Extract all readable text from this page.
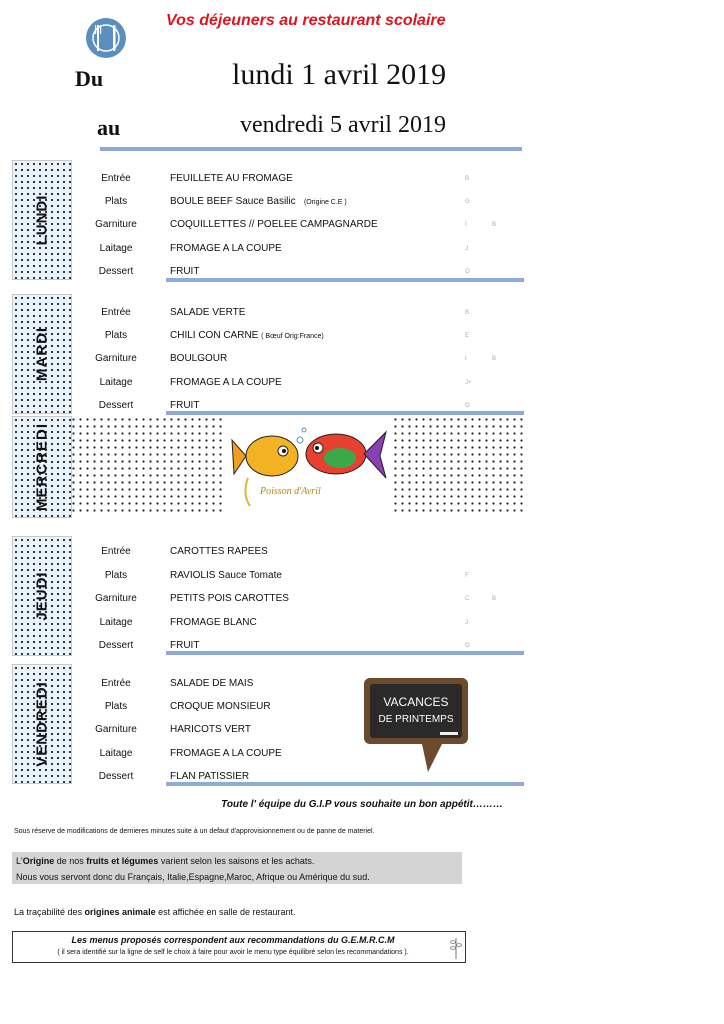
Vos déjeuners au restaurant scolaire
Du	lundi 1 avril 2019
au	vendredi 5 avril 2019
LUNDI
Entrée	FEUILLETE AU FROMAGE	B
Plats	BOULE BEEF Sauce Basilic (Origine C.E )	G
Garniture	COQUILLETTES // POELEE CAMPAGNARDE	I	B
Laitage	FROMAGE A LA COUPE	J
Dessert	FRUIT	O
MARDI
Entrée	SALADE VERTE	B
Plats	CHILI CON CARNE ( Bœuf Orig:France)	E
Garniture	BOULGOUR	I	B
Laitage	FROMAGE A LA COUPE	J+
Dessert	FRUIT	O
MERCREDI	Poisson d'Avril
JEUDI
Entrée	CAROTTES RAPEES
Plats	RAVIOLIS Sauce Tomate	F
Garniture	PETITS POIS CAROTTES	C	B
Laitage	FROMAGE BLANC	J
Dessert	FRUIT	O
VENDREDI	Entrée	SALADE DE MAIS
Plats	CROQUE MONSIEUR
Garniture	HARICOTS VERT
Laitage	FROMAGE A LA COUPE
Dessert	FLAN PATISSIER
VACANCES
DE PRINTEMPS
Toute l' équipe du G.I.P vous souhaite un bon appétit………
Sous réserve de modifications de dernieres minutes suite à un defaut d'approvisionnement ou de panne de materiel.
L'Origine de nos fruits et légumes varient selon les saisons et les achats.
Nous vous servont donc du Français, Italie,Espagne,Maroc, Afrique ou Amérique du sud.
La traçabilité des origines animale est affichée en salle de restaurant.
Les menus proposés correspondent aux recommandations du G.E.M.R.C.M
( il sera identifié sur la ligne de self le choix à faire pour avoir le menu type équilibré selon les recommandations ).
